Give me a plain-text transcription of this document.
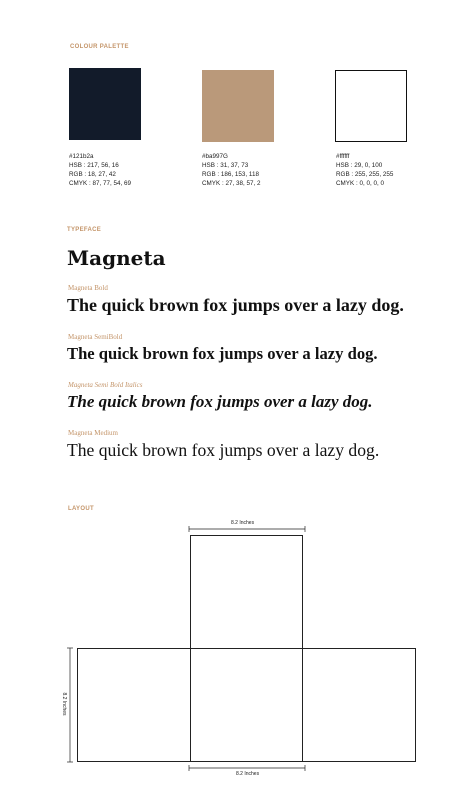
COLOUR PALETTE
#121b2a
HSB : 217, 56, 16
RGB : 18, 27, 42
CMYK : 87, 77, 54, 69
#ba997G
HSB : 31, 37, 73
RGB : 186, 153, 118
CMYK : 27, 38, 57, 2
#ffffff
HSB : 29, 0, 100
RGB : 255, 255, 255
CMYK : 0, 0, 0, 0
TYPEFACE
Magneta
Magneta Bold
The quick brown fox jumps over a lazy dog.
Magneta SemiBold
The quick brown fox jumps over a lazy dog.
Magneta Semi Bold Italics
The quick brown fox jumps over a lazy dog.
Magneta Medium
The quick brown fox jumps over a lazy dog.
LAYOUT
8.2 Inches
8.2 Inches
8.2 Inches
